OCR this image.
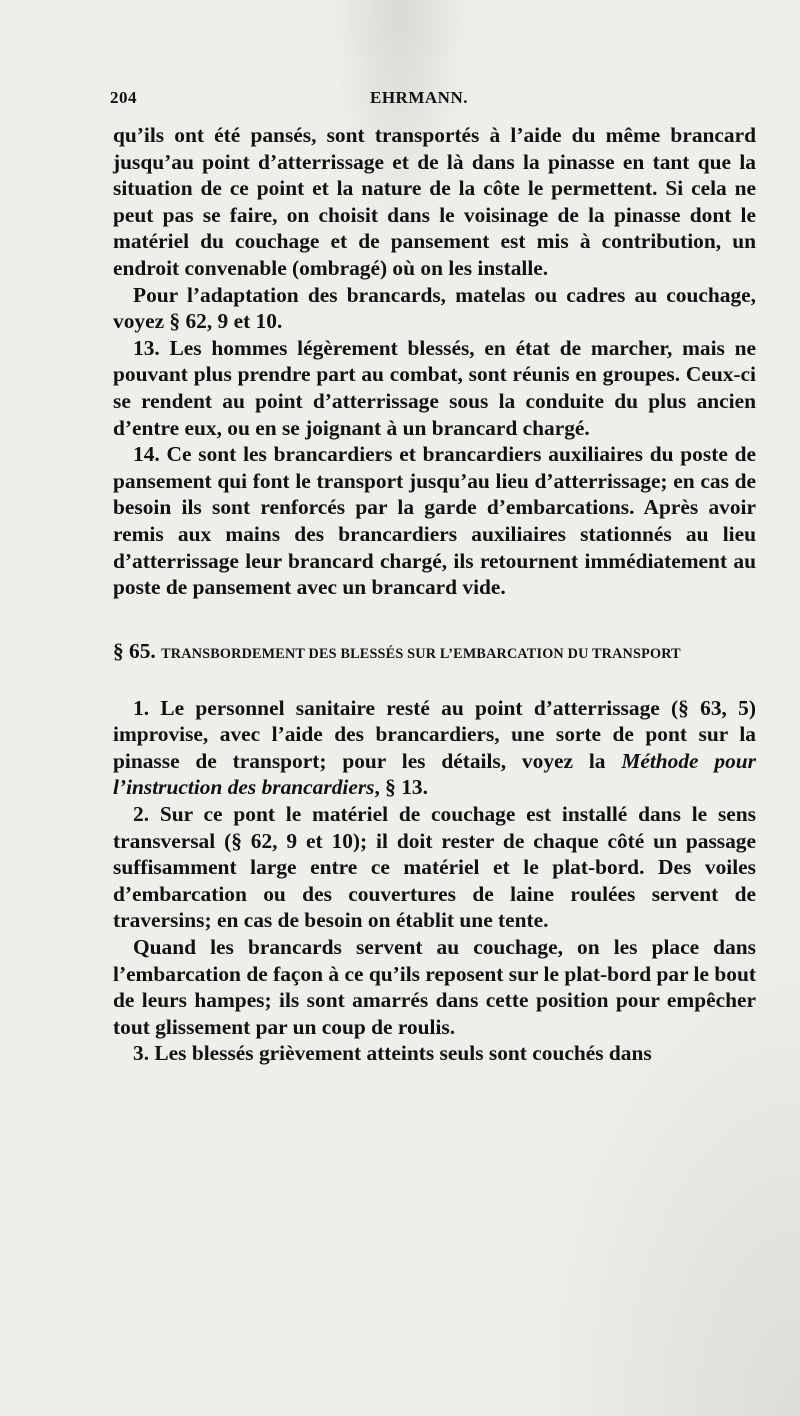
204	EHRMANN.

qu’ils ont été pansés, sont transportés à l’aide du même brancard jusqu’au point d’atterrissage et de là dans la pinasse en tant que la situation de ce point et la nature de la côte le permettent. Si cela ne peut pas se faire, on choisit dans le voisinage de la pinasse dont le matériel du couchage et de pansement est mis à contribution, un endroit convenable (ombragé) où on les installe.

Pour l’adaptation des brancards, matelas ou cadres au couchage, voyez § 62, 9 et 10.

13. Les hommes légèrement blessés, en état de marcher, mais ne pouvant plus prendre part au combat, sont réunis en groupes. Ceux-ci se rendent au point d’atterrissage sous la conduite du plus ancien d’entre eux, ou en se joignant à un brancard chargé.

14. Ce sont les brancardiers et brancardiers auxiliaires du poste de pansement qui font le transport jusqu’au lieu d’atterrissage; en cas de besoin ils sont renforcés par la garde d’embarcations. Après avoir remis aux mains des brancardiers auxiliaires stationnés au lieu d’atterrissage leur brancard chargé, ils retournent immédiatement au poste de pansement avec un brancard vide.

§ 65. TRANSBORDEMENT DES BLESSÉS SUR L’EMBARCATION DU TRANSPORT

1. Le personnel sanitaire resté au point d’atterrissage (§ 63, 5) improvise, avec l’aide des brancardiers, une sorte de pont sur la pinasse de transport; pour les détails, voyez la Méthode pour l’instruction des brancardiers, § 13.

2. Sur ce pont le matériel de couchage est installé dans le sens transversal (§ 62, 9 et 10); il doit rester de chaque côté un passage suffisamment large entre ce matériel et le plat-bord. Des voiles d’embarcation ou des couvertures de laine roulées servent de traversins; en cas de besoin on établit une tente.

Quand les brancards servent au couchage, on les place dans l’embarcation de façon à ce qu’ils reposent sur le plat-bord par le bout de leurs hampes; ils sont amarrés dans cette position pour empêcher tout glissement par un coup de roulis.

3. Les blessés grièvement atteints seuls sont couchés dans
